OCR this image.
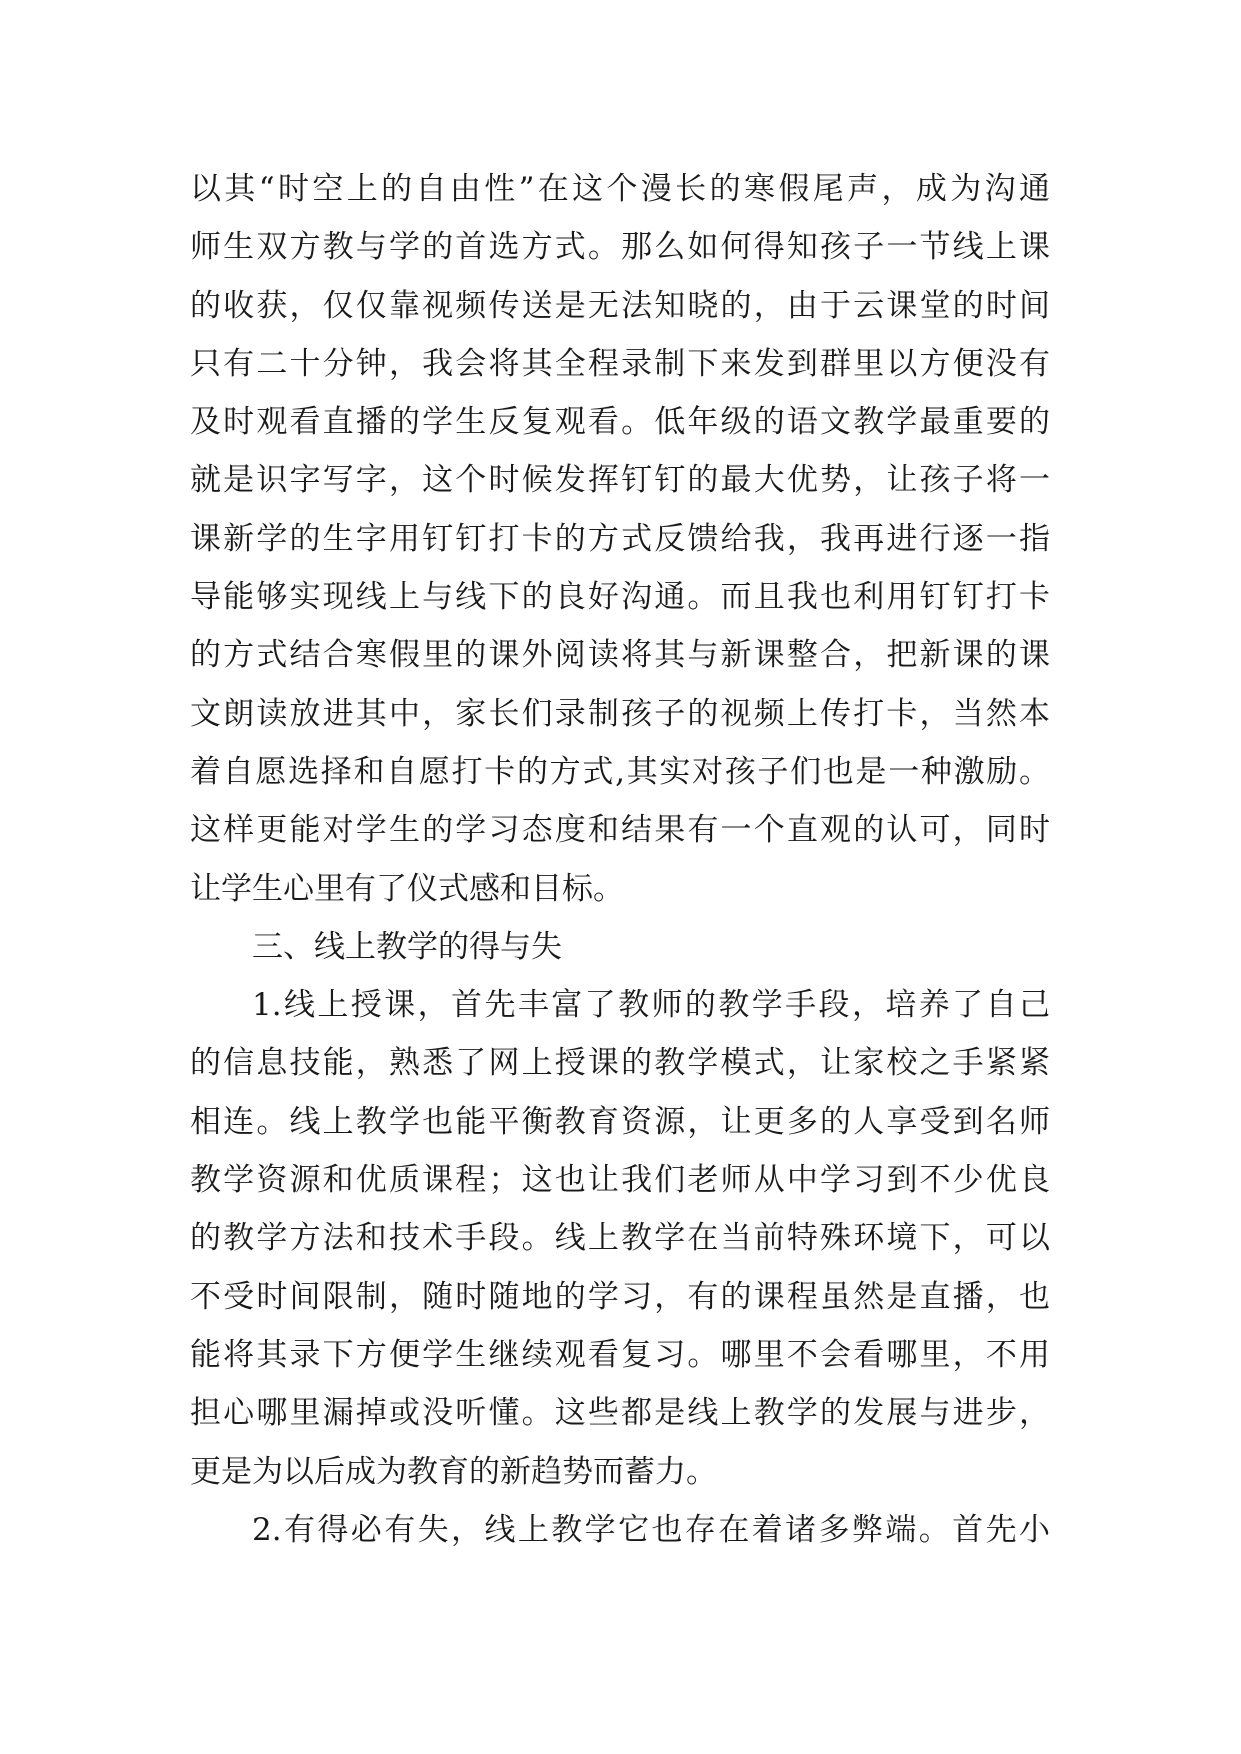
以其“时空上的自由性”在这个漫长的寒假尾声，成为沟通
师生双方教与学的首选方式。那么如何得知孩子一节线上课
的收获，仅仅靠视频传送是无法知晓的，由于云课堂的时间
只有二十分钟，我会将其全程录制下来发到群里以方便没有
及时观看直播的学生反复观看。低年级的语文教学最重要的
就是识字写字，这个时候发挥钉钉的最大优势，让孩子将一
课新学的生字用钉钉打卡的方式反馈给我，我再进行逐一指
导能够实现线上与线下的良好沟通。而且我也利用钉钉打卡
的方式结合寒假里的课外阅读将其与新课整合，把新课的课
文朗读放进其中，家长们录制孩子的视频上传打卡，当然本
着自愿选择和自愿打卡的方式,其实对孩子们也是一种激励。
这样更能对学生的学习态度和结果有一个直观的认可，同时
让学生心里有了仪式感和目标。
三、线上教学的得与失
1.线上授课，首先丰富了教师的教学手段，培养了自己
的信息技能，熟悉了网上授课的教学模式，让家校之手紧紧
相连。线上教学也能平衡教育资源，让更多的人享受到名师
教学资源和优质课程；这也让我们老师从中学习到不少优良
的教学方法和技术手段。线上教学在当前特殊环境下，可以
不受时间限制，随时随地的学习，有的课程虽然是直播，也
能将其录下方便学生继续观看复习。哪里不会看哪里，不用
担心哪里漏掉或没听懂。这些都是线上教学的发展与进步，
更是为以后成为教育的新趋势而蓄力。
2.有得必有失，线上教学它也存在着诸多弊端。首先小
